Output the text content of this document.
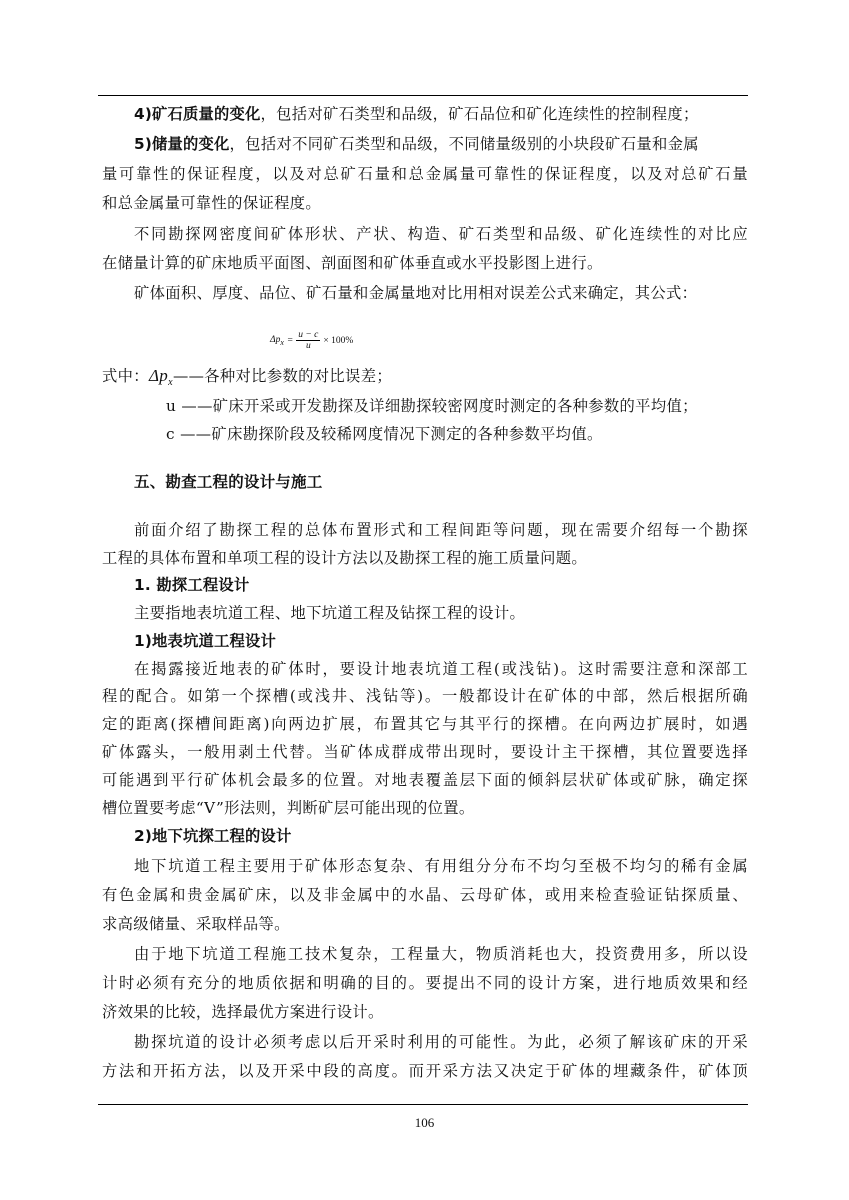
4)矿石质量的变化，包括对矿石类型和品级，矿石品位和矿化连续性的控制程度；
5)储量的变化，包括对不同矿石类型和品级，不同储量级别的小块段矿石量和金属
量可靠性的保证程度，以及对总矿石量和总金属量可靠性的保证程度，以及对总矿石量
和总金属量可靠性的保证程度。
不同勘探网密度间矿体形状、产状、构造、矿石类型和品级、矿化连续性的对比应
在储量计算的矿床地质平面图、剖面图和矿体垂直或水平投影图上进行。
矿体面积、厚度、品位、矿石量和金属量地对比用相对误差公式来确定，其公式：
$\Delta p_x = \frac{u - c}{u} \times 100\%$
式中：$\Delta p_x——$各种对比参数的对比误差；
u ——矿床开采或开发勘探及详细勘探较密网度时测定的各种参数的平均值；
c ——矿床勘探阶段及较稀网度情况下测定的各种参数平均值。
五、勘查工程的设计与施工
前面介绍了勘探工程的总体布置形式和工程间距等问题，现在需要介绍每一个勘探
工程的具体布置和单项工程的设计方法以及勘探工程的施工质量问题。
1. 勘探工程设计
主要指地表坑道工程、地下坑道工程及钻探工程的设计。
1)地表坑道工程设计
在揭露接近地表的矿体时，要设计地表坑道工程(或浅钻)。这时需要注意和深部工
程的配合。如第一个探槽(或浅井、浅钻等)。一般都设计在矿体的中部，然后根据所确
定的距离(探槽间距离)向两边扩展，布置其它与其平行的探槽。在向两边扩展时，如遇
矿体露头，一般用剥土代替。当矿体成群成带出现时，要设计主干探槽，其位置要选择
可能遇到平行矿体机会最多的位置。对地表覆盖层下面的倾斜层状矿体或矿脉，确定探
槽位置要考虑“V”形法则，判断矿层可能出现的位置。
2)地下坑探工程的设计
地下坑道工程主要用于矿体形态复杂、有用组分分布不均匀至极不均匀的稀有金属
有色金属和贵金属矿床，以及非金属中的水晶、云母矿体，或用来检查验证钻探质量、
求高级储量、采取样品等。
由于地下坑道工程施工技术复杂，工程量大，物质消耗也大，投资费用多，所以设
计时必须有充分的地质依据和明确的目的。要提出不同的设计方案，进行地质效果和经
济效果的比较，选择最优方案进行设计。
勘探坑道的设计必须考虑以后开采时利用的可能性。为此，必须了解该矿床的开采
方法和开拓方法，以及开采中段的高度。而开采方法又决定于矿体的埋藏条件，矿体顶
106
